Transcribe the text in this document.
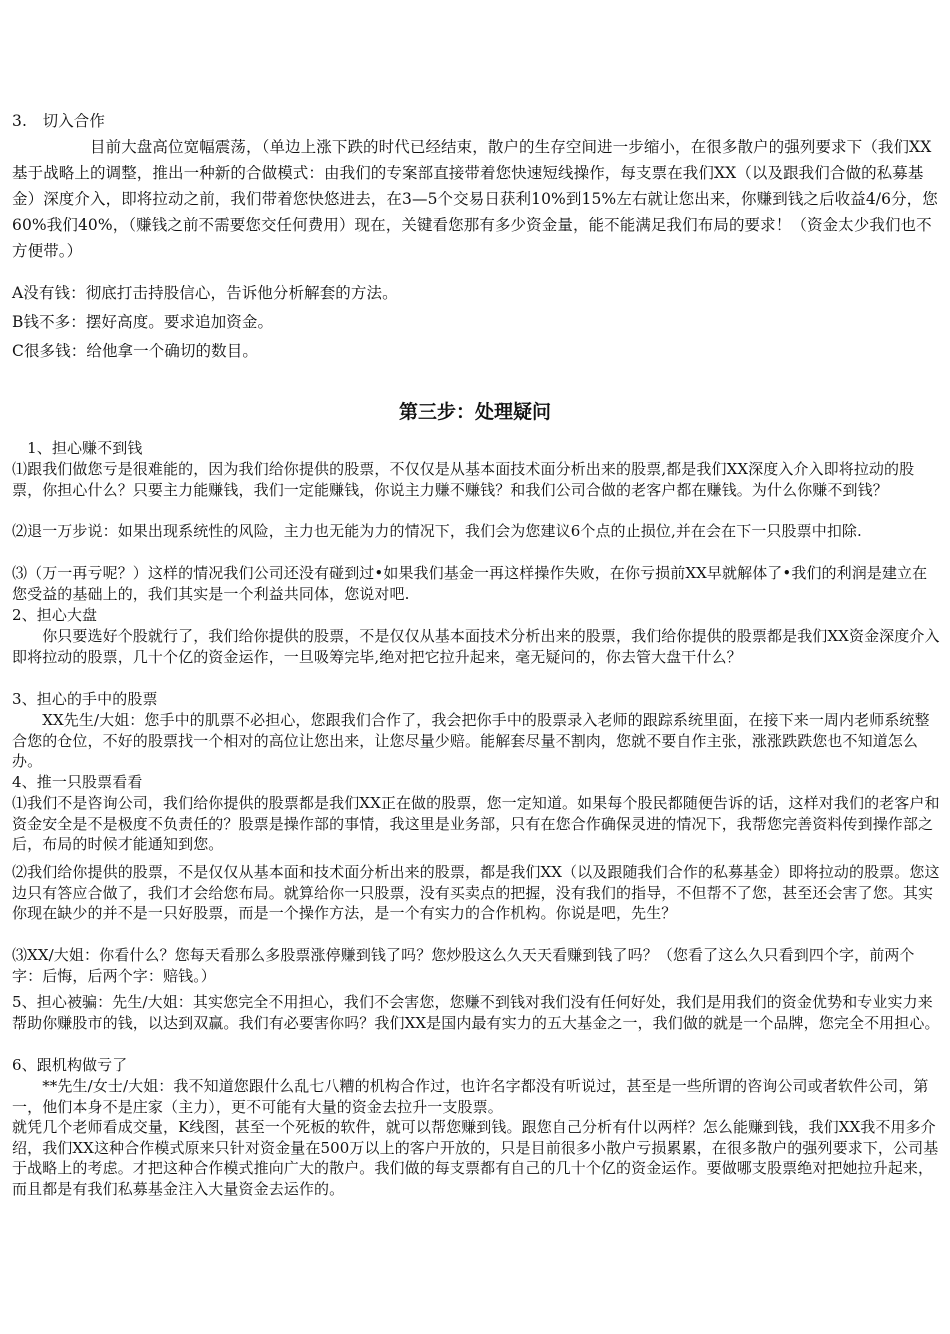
3.　切入合作

　　　　　目前大盘高位宽幅震荡，（单边上涨下跌的时代已经结束，散户的生存空间进一步缩小，在很多散户的强列要求下（我们XX基于战略上的调整，推出一种新的合做模式：由我们的专案部直接带着您快速短线操作，每支票在我们XX（以及跟我们合做的私募基金）深度介入，即将拉动之前，我们带着您快悠进去，在3—5个交易日获利10%到15%左右就让您出来，你赚到钱之后收益4/6分，您60%我们40%，（赚钱之前不需要您交任何费用）现在，关键看您那有多少资金量，能不能满足我们布局的要求！（资金太少我们也不方便带。）

A没有钱：彻底打击持股信心，告诉他分析解套的方法。

B钱不多：摆好高度。要求追加资金。

C很多钱：给他拿一个确切的数目。

第三步：处理疑问

　1、担心赚不到钱

⑴跟我们做您亏是很难能的，因为我们给你提供的股票，不仅仅是从基本面技术面分析出来的股票,都是我们XX深度入介入即将拉动的股票，你担心什么？只要主力能赚钱，我们一定能赚钱，你说主力赚不赚钱？和我们公司合做的老客户都在赚钱。为什么你赚不到钱？

⑵退一万步说：如果出现系统性的风险，主力也无能为力的情况下，我们会为您建议6个点的止损位,并在会在下一只股票中扣除.

⑶（万一再亏呢？）这样的情况我们公司还没有碰到过•如果我们基金一再这样操作失败，在你亏损前XX早就解体了•我们的利润是建立在您受益的基础上的，我们其实是一个利益共同体，您说对吧.

2、担心大盘

　　你只要选好个股就行了，我们给你提供的股票，不是仅仅从基本面技术分析出来的股票，我们给你提供的股票都是我们XX资金深度介入即将拉动的股票，几十个亿的资金运作，一旦吸筹完毕,绝对把它拉升起来，毫无疑问的，你去管大盘干什么？

3、担心的手中的股票

　　XX先生/大姐：您手中的肌票不必担心，您跟我们合作了，我会把你手中的股票录入老师的跟踪系统里面，在接下来一周内老师系统整合您的仓位，不好的股票找一个相对的高位让您出来，让您尽量少赔。能解套尽量不割肉，您就不要自作主张，涨涨跌跌您也不知道怎么办。

4、推一只股票看看

⑴我们不是咨询公司，我们给你提供的股票都是我们XX正在做的股票，您一定知道。如果每个股民都随便告诉的话，这样对我们的老客户和资金安全是不是极度不负责任的？股票是操作部的事情，我这里是业务部，只有在您合作确保灵进的情况下，我帮您完善资料传到操作部之后，布局的时候才能通知到您。

⑵我们给你提供的股票，不是仅仅从基本面和技术面分析出来的股票，都是我们XX（以及跟随我们合作的私募基金）即将拉动的股票。您这边只有答应合做了，我们才会给您布局。就算给你一只股票，没有买卖点的把握，没有我们的指导，不但帮不了您，甚至还会害了您。其实你现在缺少的并不是一只好股票，而是一个操作方法，是一个有实力的合作机构。你说是吧，先生？

⑶XX/大姐：你看什么？您每天看那么多股票涨停赚到钱了吗？您炒股这么久天天看赚到钱了吗？（您看了这么久只看到四个字，前两个字：后悔，后两个字：赔钱。）

5、担心被骗：先生/大姐：其实您完全不用担心，我们不会害您，您赚不到钱对我们没有任何好处，我们是用我们的资金优势和专业实力来帮助你赚股市的钱，以达到双赢。我们有必要害你吗？我们XX是国内最有实力的五大基金之一，我们做的就是一个品牌，您完全不用担心。

6、跟机构做亏了

　　**先生/女士/大姐：我不知道您跟什么乱七八糟的机构合作过，也许名字都没有听说过，甚至是一些所谓的咨询公司或者软件公司，第一，他们本身不是庄家（主力），更不可能有大量的资金去拉升一支股票。

就凭几个老师看成交量，K线图，甚至一个死板的软件，就可以帮您赚到钱。跟您自己分析有什以两样？怎么能赚到钱，我们XX我不用多介绍，我们XX这种合作模式原来只针对资金量在500万以上的客户开放的，只是目前很多小散户亏损累累，在很多散户的强列要求下，公司基于战略上的考虑。才把这种合作模式推向广大的散户。我们做的每支票都有自己的几十个亿的资金运作。要做哪支股票绝对把她拉升起来，而且都是有我们私募基金注入大量资金去运作的。
